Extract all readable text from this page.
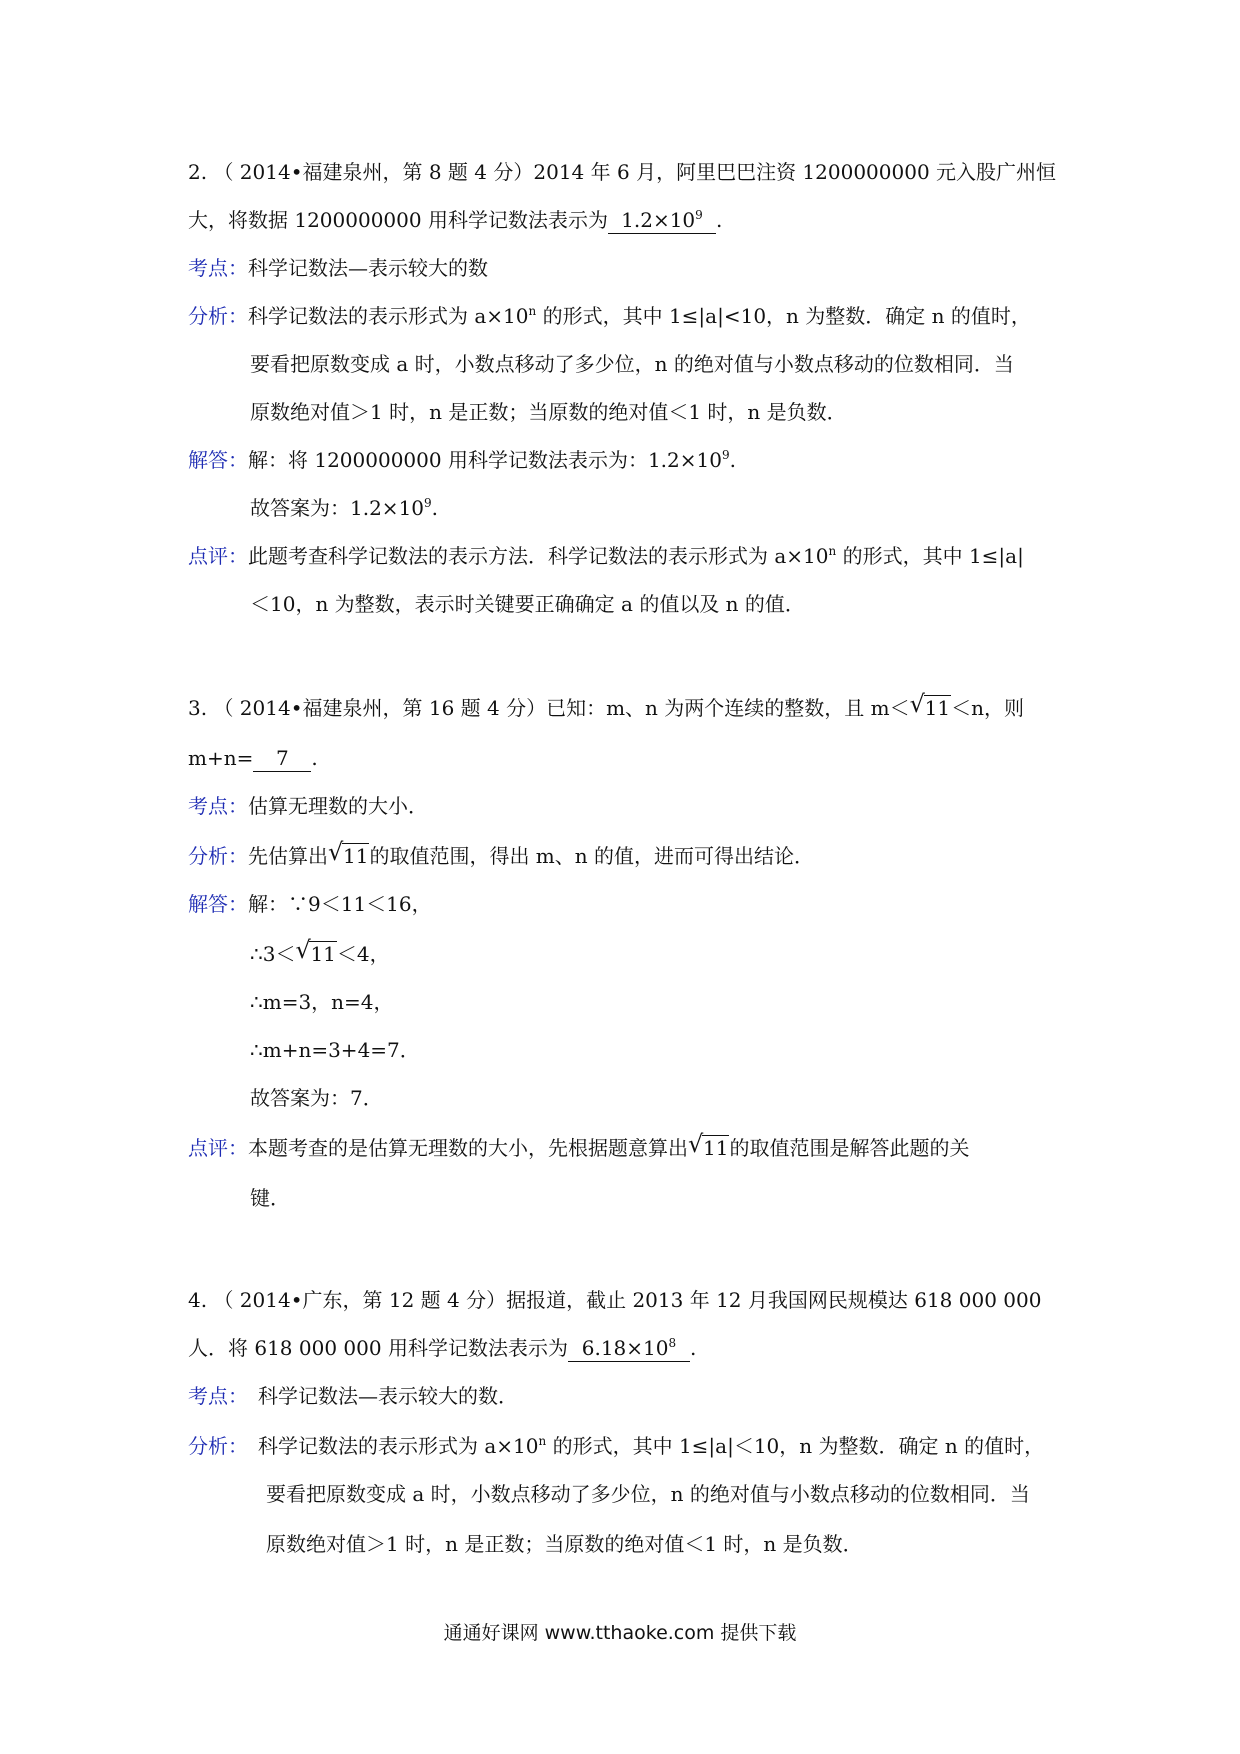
2. （ 2014•福建泉州，第 8 题 4 分）2014 年 6 月，阿里巴巴注资 1200000000 元入股广州恒
大，将数据 1200000000 用科学记数法表示为 $1.2\times 10^9$ .
考点：科学记数法—表示较大的数
分析：科学记数法的表示形式为 $a\times 10^n$ 的形式，其中 1≤|a|<10，n 为整数．确定 n 的值时，
要看把原数变成 a 时，小数点移动了多少位，n 的绝对值与小数点移动的位数相同．当
原数绝对值＞1 时，n 是正数；当原数的绝对值＜1 时，n 是负数．
解答：解：将 1200000000 用科学记数法表示为：$1.2\times 10^9$.
故答案为：$1.2\times 10^9$.
点评：此题考查科学记数法的表示方法．科学记数法的表示形式为 $a\times 10^n$ 的形式，其中 1≤|a|
＜10，n 为整数，表示时关键要正确确定 a 的值以及 n 的值．
3. （ 2014•福建泉州，第 16 题 4 分）已知：m、n 为两个连续的整数，且 m＜ √ 11＜n，则
m+n= 7 .
考点：估算无理数的大小．
分析：先估算出 √ 11的取值范围，得出 m、n 的值，进而可得出结论．
解答：解：∵9＜11＜16，
∴3＜ √ 11＜4，
∴m=3，n=4，
∴m+n=3+4=7．
故答案为：7．
点评：本题考查的是估算无理数的大小，先根据题意算出 √ 11的取值范围是解答此题的关
键．
4. （ 2014•广东，第 12 题 4 分）据报道，截止 2013 年 12 月我国网民规模达 618 000 000
人．将 618 000 000 用科学记数法表示为 $6.18\times 10^8$ .
考点： 科学记数法—表示较大的数．
分析： 科学记数法的表示形式为 $a\times 10^n$ 的形式，其中 1≤|a|＜10，n 为整数．确定 n 的值时，
要看把原数变成 a 时，小数点移动了多少位，n 的绝对值与小数点移动的位数相同．当
原数绝对值＞1 时，n 是正数；当原数的绝对值＜1 时，n 是负数．
通通好课网 www.tthaoke.com 提供下载
